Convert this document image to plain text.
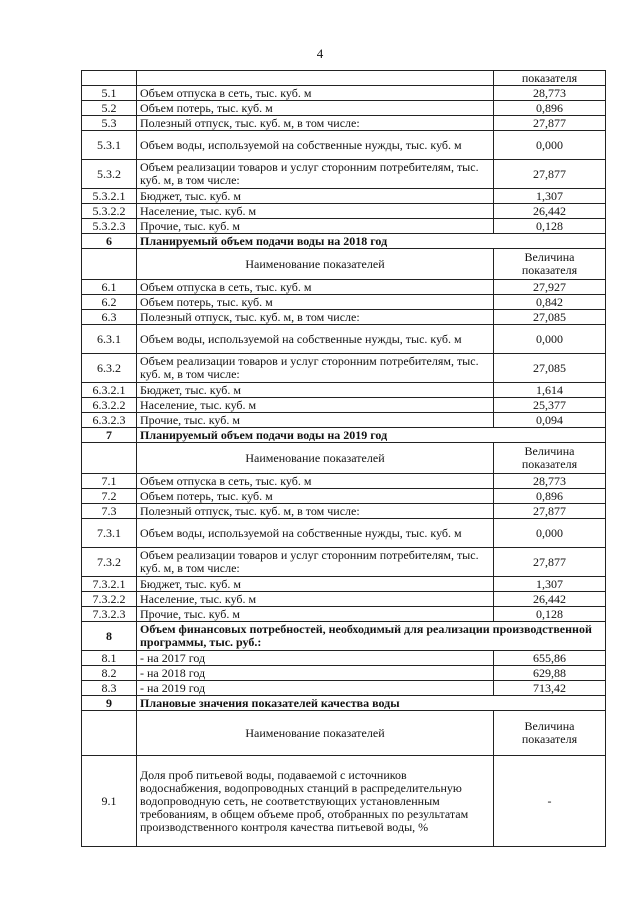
4
		показателя
5.1	Объем отпуска в сеть, тыс. куб. м	28,773
5.2	Объем потерь, тыс. куб. м	0,896
5.3	Полезный отпуск, тыс. куб. м, в том числе:	27,877
5.3.1	Объем воды, используемой на собственные нужды, тыс. куб. м	0,000
5.3.2	Объем реализации товаров и услуг сторонним потребителям, тыс. куб. м, в том числе:	27,877
5.3.2.1	Бюджет, тыс. куб. м	1,307
5.3.2.2	Население, тыс. куб. м	26,442
5.3.2.3	Прочие, тыс. куб. м	0,128
6	Планируемый объем подачи воды на 2018 год	
	Наименование показателей	Величина показателя
6.1	Объем отпуска в сеть, тыс. куб. м	27,927
6.2	Объем потерь, тыс. куб. м	0,842
6.3	Полезный отпуск, тыс. куб. м, в том числе:	27,085
6.3.1	Объем воды, используемой на собственные нужды, тыс. куб. м	0,000
6.3.2	Объем реализации товаров и услуг сторонним потребителям, тыс. куб. м, в том числе:	27,085
6.3.2.1	Бюджет, тыс. куб. м	1,614
6.3.2.2	Население, тыс. куб. м	25,377
6.3.2.3	Прочие, тыс. куб. м	0,094
7	Планируемый объем подачи воды на 2019 год	
	Наименование показателей	Величина показателя
7.1	Объем отпуска в сеть, тыс. куб. м	28,773
7.2	Объем потерь, тыс. куб. м	0,896
7.3	Полезный отпуск, тыс. куб. м, в том числе:	27,877
7.3.1	Объем воды, используемой на собственные нужды, тыс. куб. м	0,000
7.3.2	Объем реализации товаров и услуг сторонним потребителям, тыс. куб. м, в том числе:	27,877
7.3.2.1	Бюджет, тыс. куб. м	1,307
7.3.2.2	Население, тыс. куб. м	26,442
7.3.2.3	Прочие, тыс. куб. м	0,128
8	Объем финансовых потребностей, необходимый для реализации производственной программы, тыс. руб.:	
8.1	- на 2017 год	655,86
8.2	- на 2018 год	629,88
8.3	- на 2019 год	713,42
9	Плановые значения показателей качества воды	
	Наименование показателей	Величина показателя
9.1	Доля проб питьевой воды, подаваемой с источников водоснабжения, водопроводных станций в распределительную водопроводную сеть, не соответствующих установленным требованиям, в общем объеме проб, отобранных по результатам производственного контроля качества питьевой воды, %	-
